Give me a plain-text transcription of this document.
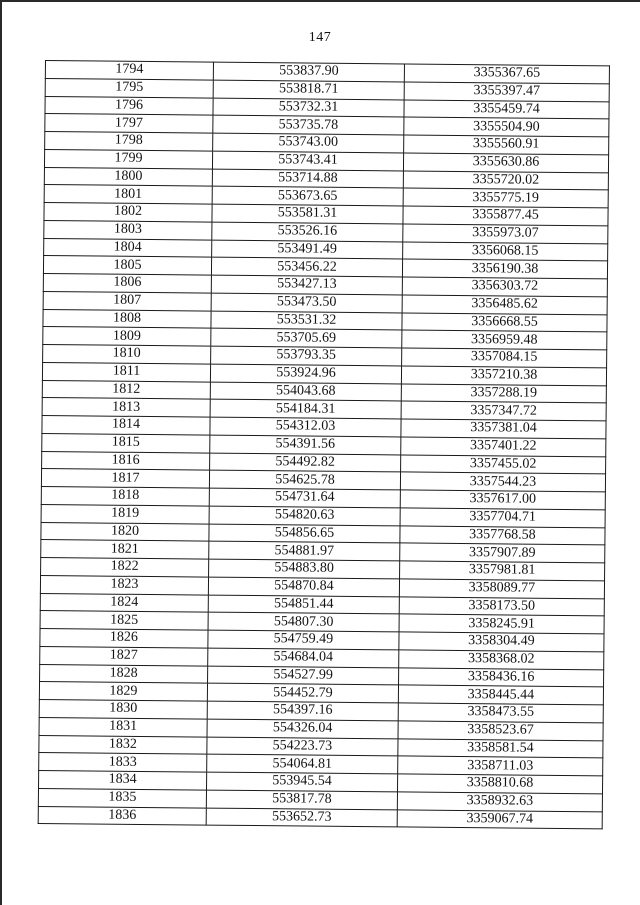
147
1794	553837.90	3355367.65
1795	553818.71	3355397.47
1796	553732.31	3355459.74
1797	553735.78	3355504.90
1798	553743.00	3355560.91
1799	553743.41	3355630.86
1800	553714.88	3355720.02
1801	553673.65	3355775.19
1802	553581.31	3355877.45
1803	553526.16	3355973.07
1804	553491.49	3356068.15
1805	553456.22	3356190.38
1806	553427.13	3356303.72
1807	553473.50	3356485.62
1808	553531.32	3356668.55
1809	553705.69	3356959.48
1810	553793.35	3357084.15
1811	553924.96	3357210.38
1812	554043.68	3357288.19
1813	554184.31	3357347.72
1814	554312.03	3357381.04
1815	554391.56	3357401.22
1816	554492.82	3357455.02
1817	554625.78	3357544.23
1818	554731.64	3357617.00
1819	554820.63	3357704.71
1820	554856.65	3357768.58
1821	554881.97	3357907.89
1822	554883.80	3357981.81
1823	554870.84	3358089.77
1824	554851.44	3358173.50
1825	554807.30	3358245.91
1826	554759.49	3358304.49
1827	554684.04	3358368.02
1828	554527.99	3358436.16
1829	554452.79	3358445.44
1830	554397.16	3358473.55
1831	554326.04	3358523.67
1832	554223.73	3358581.54
1833	554064.81	3358711.03
1834	553945.54	3358810.68
1835	553817.78	3358932.63
1836	553652.73	3359067.74
